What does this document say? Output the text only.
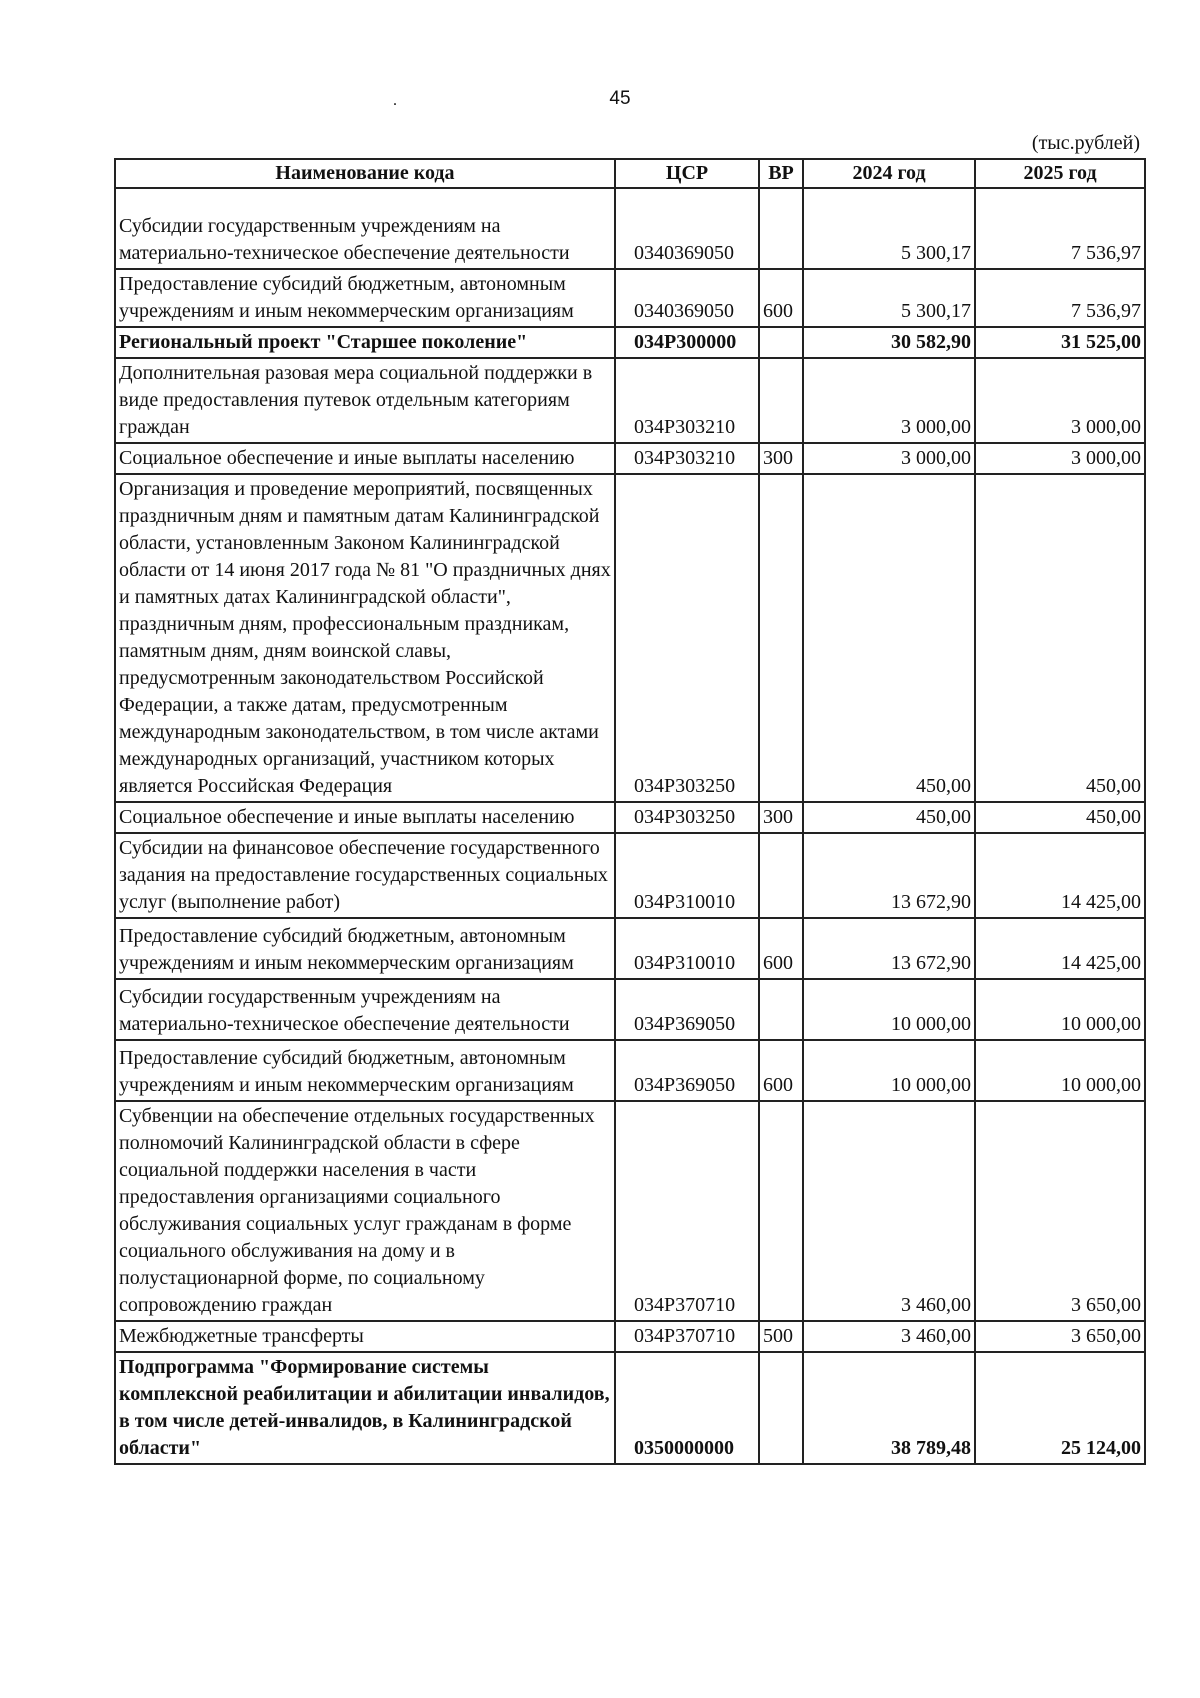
45
.
(тыс.рублей)
Наименование кода	ЦСР	ВР	2024 год	2025 год
Субсидии государственным учреждениям на материально-техническое обеспечение деятельности	0340369050		5 300,17	7 536,97
Предоставление субсидий бюджетным, автономным учреждениям и иным некоммерческим организациям	0340369050	600	5 300,17	7 536,97
Региональный проект "Старшее поколение"	034P300000		30 582,90	31 525,00
Дополнительная разовая мера социальной поддержки в виде предоставления путевок отдельным категориям граждан	034P303210		3 000,00	3 000,00
Социальное обеспечение и иные выплаты населению	034P303210	300	3 000,00	3 000,00
Организация и проведение мероприятий, посвященных праздничным дням и памятным датам Калининградской области, установленным Законом Калининградской области от 14 июня 2017 года № 81 "О праздничных днях и памятных датах Калининградской области", праздничным дням, профессиональным праздникам, памятным дням, дням воинской славы, предусмотренным законодательством Российской Федерации, а также датам, предусмотренным международным законодательством, в том числе актами международных организаций, участником которых является Российская Федерация	034P303250		450,00	450,00
Социальное обеспечение и иные выплаты населению	034P303250	300	450,00	450,00
Субсидии на финансовое обеспечение государственного задания на предоставление государственных социальных услуг (выполнение работ)	034P310010		13 672,90	14 425,00
Предоставление субсидий бюджетным, автономным учреждениям и иным некоммерческим организациям	034P310010	600	13 672,90	14 425,00
Субсидии государственным учреждениям на материально-техническое обеспечение деятельности	034P369050		10 000,00	10 000,00
Предоставление субсидий бюджетным, автономным учреждениям и иным некоммерческим организациям	034P369050	600	10 000,00	10 000,00
Субвенции на обеспечение отдельных государственных полномочий Калининградской области в сфере социальной поддержки населения в части предоставления организациями социального обслуживания социальных услуг гражданам в форме социального обслуживания на дому и в полустационарной форме, по социальному сопровождению граждан	034P370710		3 460,00	3 650,00
Межбюджетные трансферты	034P370710	500	3 460,00	3 650,00
Подпрограмма "Формирование системы комплексной реабилитации и абилитации инвалидов, в том числе детей-инвалидов, в Калининградской области"	0350000000		38 789,48	25 124,00
